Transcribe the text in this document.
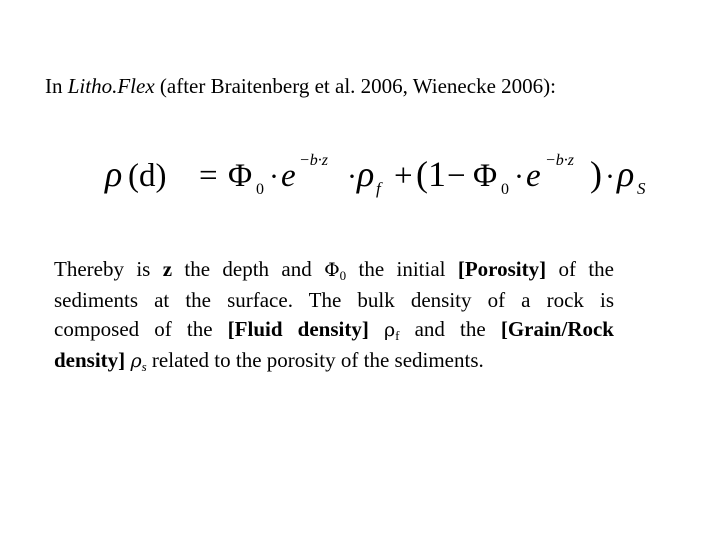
In Litho.Flex (after Braitenberg et al. 2006, Wienecke 2006):
ρ (d) = Φ 0 · e −b·z · ρ f + (1 − Φ 0 · e −b·z ) · ρ S
Thereby is z the depth and Φ0 the initial [Porosity] of the
sediments at the surface. The bulk density of a rock is
composed of the [Fluid density] ρf and the [Grain/Rock
density] ρs related to the porosity of the sediments.
